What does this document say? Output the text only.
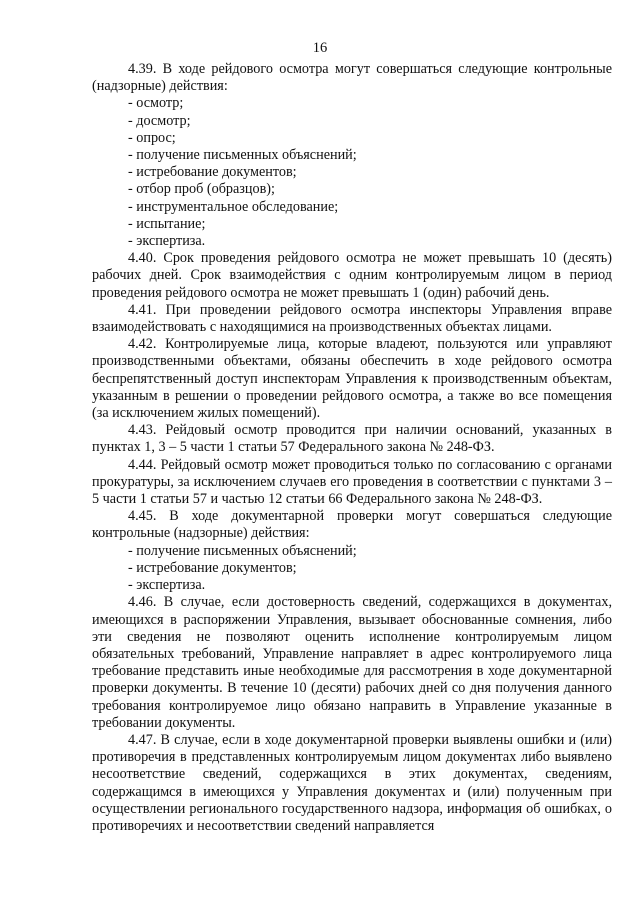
16

4.39. В ходе рейдового осмотра могут совершаться следующие контрольные (надзорные) действия:

- осмотр;
- досмотр;
- опрос;
- получение письменных объяснений;
- истребование документов;
- отбор проб (образцов);
- инструментальное обследование;
- испытание;
- экспертиза.

4.40. Срок проведения рейдового осмотра не может превышать 10 (десять) рабочих дней. Срок взаимодействия с одним контролируемым лицом в период проведения рейдового осмотра не может превышать 1 (один) рабочий день.

4.41. При проведении рейдового осмотра инспекторы Управления вправе взаимодействовать с находящимися на производственных объектах лицами.

4.42. Контролируемые лица, которые владеют, пользуются или управляют производственными объектами, обязаны обеспечить в ходе рейдового осмотра беспрепятственный доступ инспекторам Управления к производственным объектам, указанным в решении о проведении рейдового осмотра, а также во все помещения (за исключением жилых помещений).

4.43. Рейдовый осмотр проводится при наличии оснований, указанных в пунктах 1, 3 – 5 части 1 статьи 57 Федерального закона № 248-ФЗ.

4.44. Рейдовый осмотр может проводиться только по согласованию с органами прокуратуры, за исключением случаев его проведения в соответствии с пунктами 3 – 5 части 1 статьи 57 и частью 12 статьи 66 Федерального закона № 248-ФЗ.

4.45. В ходе документарной проверки могут совершаться следующие контрольные (надзорные) действия:

- получение письменных объяснений;
- истребование документов;
- экспертиза.

4.46. В случае, если достоверность сведений, содержащихся в документах, имеющихся в распоряжении Управления, вызывает обоснованные сомнения, либо эти сведения не позволяют оценить исполнение контролируемым лицом обязательных требований, Управление направляет в адрес контролируемого лица требование представить иные необходимые для рассмотрения в ходе документарной проверки документы. В течение 10 (десяти) рабочих дней со дня получения данного требования контролируемое лицо обязано направить в Управление указанные в требовании документы.

4.47. В случае, если в ходе документарной проверки выявлены ошибки и (или) противоречия в представленных контролируемым лицом документах либо выявлено несоответствие сведений, содержащихся в этих документах, сведениям, содержащимся в имеющихся у Управления документах и (или) полученным при осуществлении регионального государственного надзора, информация об ошибках, о противоречиях и несоответствии сведений направляется
